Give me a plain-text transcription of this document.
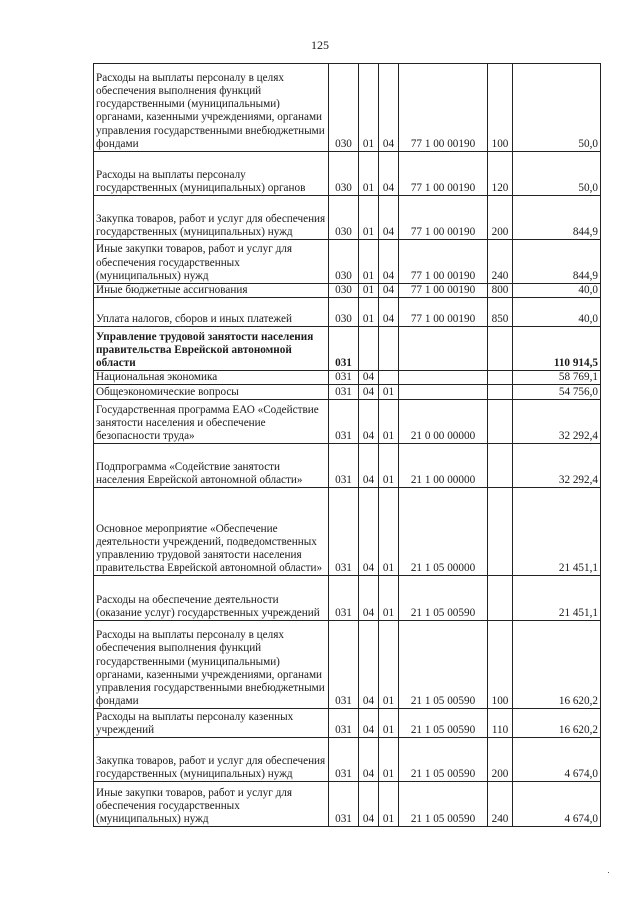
125
Расходы на выплаты персоналу в целях обеспечения выполнения функций государственными (муниципальными) органами, казенными учреждениями, органами управления государственными внебюджетными фондами	030	01	04	77 1 00 00190	100	50,0
Расходы на выплаты персоналу государственных (муниципальных) органов	030	01	04	77 1 00 00190	120	50,0
Закупка товаров, работ и услуг для обеспечения государственных (муниципальных) нужд	030	01	04	77 1 00 00190	200	844,9
Иные закупки товаров, работ и услуг для обеспечения государственных (муниципальных) нужд	030	01	04	77 1 00 00190	240	844,9
Иные бюджетные ассигнования	030	01	04	77 1 00 00190	800	40,0
Уплата налогов, сборов и иных платежей	030	01	04	77 1 00 00190	850	40,0
Управление трудовой занятости населения правительства Еврейской автономной области	031					110 914,5
Национальная экономика	031	04				58 769,1
Общеэкономические вопросы	031	04	01			54 756,0
Государственная программа ЕАО «Содействие занятости населения и обеспечение безопасности труда»	031	04	01	21 0 00 00000		32 292,4
Подпрограмма «Содействие занятости населения Еврейской автономной области»	031	04	01	21 1 00 00000		32 292,4
Основное мероприятие «Обеспечение деятельности учреждений, подведомственных управлению трудовой занятости населения правительства Еврейской автономной области»	031	04	01	21 1 05 00000		21 451,1
Расходы на обеспечение деятельности (оказание услуг) государственных учреждений	031	04	01	21 1 05 00590		21 451,1
Расходы на выплаты персоналу в целях обеспечения выполнения функций государственными (муниципальными) органами, казенными учреждениями, органами управления государственными внебюджетными фондами	031	04	01	21 1 05 00590	100	16 620,2
Расходы на выплаты персоналу казенных учреждений	031	04	01	21 1 05 00590	110	16 620,2
Закупка товаров, работ и услуг для обеспечения государственных (муниципальных) нужд	031	04	01	21 1 05 00590	200	4 674,0
Иные закупки товаров, работ и услуг для обеспечения государственных (муниципальных) нужд	031	04	01	21 1 05 00590	240	4 674,0
